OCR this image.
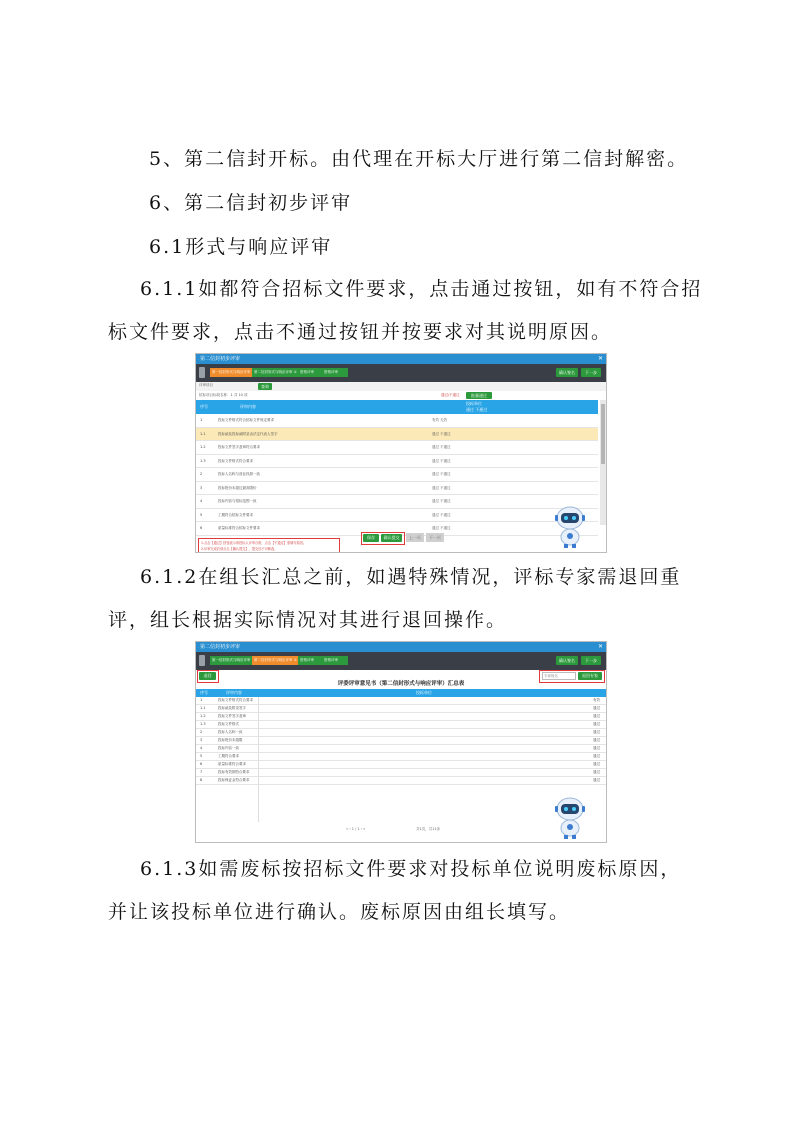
5、第二信封开标。由代理在开标大厅进行第二信封解密。
6、第二信封初步评审
6.1形式与响应评审
6.1.1如都符合招标文件要求，点击通过按钮，如有不符合招
标文件要求，点击不通过按钮并按要求对其说明原因。
第二信封初步评审	✕
第一信封形式与响应评审	第二信封形式与响应评审 ① 资格评审	资格评审	确认签名	下一步
评审项目	查询
招标项目标段名称：1 共 10 项	通过/不通过	批量通过
序号	评审内容
投标单位
通过 不通过
1	投标文件格式符合招标文件规定要求	有效 无效
1.1	投标函及投标函附录由法定代表人签字	通过 不通过
1.2	投标文件签字盖章符合要求	通过 不通过
1.3	投标文件格式符合要求	通过 不通过
2	投标人名称与营业执照一致	通过 不通过
3	投标报价未超过最高限价	通过 不通过
4	投标内容与招标范围一致	通过 不通过
5	工期符合招标文件要求	通过 不通过
6	质量标准符合招标文件要求	通过 不通过
1.点击【通过】按钮表示该投标人评审合格，点击【不通过】需填写原因。
2.评审完成后请点击【确认提交】，提交后不可修改。
保存	确认提交	上一页	下一页
6.1.2在组长汇总之前，如遇特殊情况，评标专家需退回重
评，组长根据实际情况对其进行退回操作。
第二信封初步评审	✕
第一信封形式与响应评审	第二信封形式与响应评审 ① 资格评审	资格评审	确认签名	下一步
退回
专家姓名	退回专家
评委评审意见书（第二信封形式与响应评审）汇总表
序号	评审内容	投标单位
1	投标文件格式符合要求	有效
1.1	投标函及附录签字	通过
1.2	投标文件签字盖章	通过
1.3	投标文件格式	通过
2	投标人名称一致	通过
3	投标报价未超限	通过
4	投标内容一致	通过
5	工期符合要求	通过
6	质量标准符合要求	通过
7	投标有效期符合要求	通过
8	投标保证金符合要求	通过
« ‹ 1 / 1 › »	共1页，共11条
6.1.3如需废标按招标文件要求对投标单位说明废标原因，
并让该投标单位进行确认。废标原因由组长填写。
